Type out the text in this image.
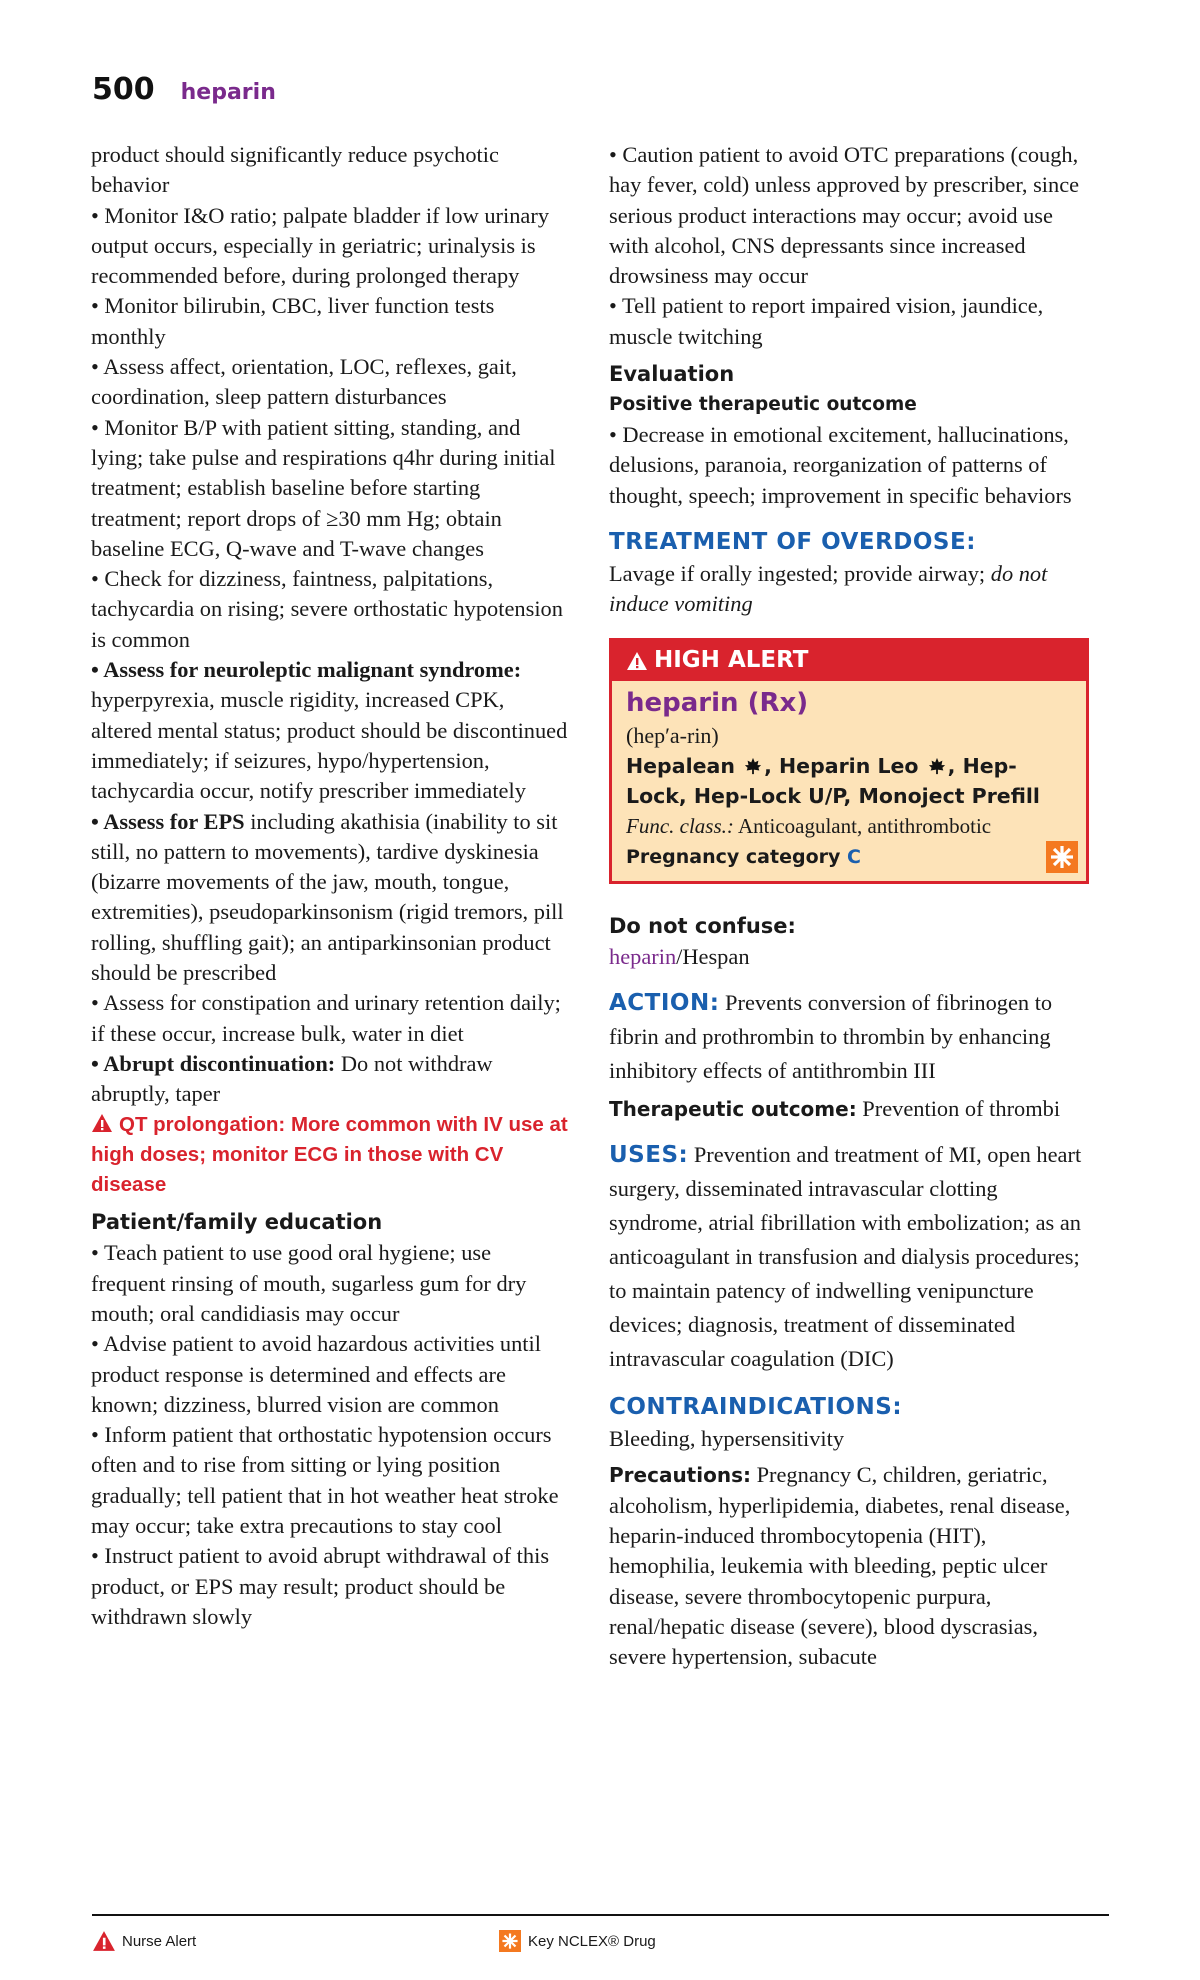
500 heparin

product should significantly reduce psychotic behavior

• Monitor I&O ratio; palpate bladder if low urinary output occurs, especially in geriatric; urinalysis is recommended before, during prolonged therapy

• Monitor bilirubin, CBC, liver function tests monthly

• Assess affect, orientation, LOC, reflexes, gait, coordination, sleep pattern disturbances

• Monitor B/P with patient sitting, standing, and lying; take pulse and respirations q4hr during initial treatment; establish baseline before starting treatment; report drops of ≥30 mm Hg; obtain baseline ECG, Q-wave and T-wave changes

• Check for dizziness, faintness, palpitations, tachycardia on rising; severe orthostatic hypotension is common

• Assess for neuroleptic malignant syndrome: hyperpyrexia, muscle rigidity, increased CPK, altered mental status; product should be discontinued immediately; if seizures, hypo/hypertension, tachycardia occur, notify prescriber immediately

• Assess for EPS including akathisia (inability to sit still, no pattern to movements), tardive dyskinesia (bizarre movements of the jaw, mouth, tongue, extremities), pseudoparkinsonism (rigid tremors, pill rolling, shuffling gait); an antiparkinsonian product should be prescribed

• Assess for constipation and urinary retention daily; if these occur, increase bulk, water in diet

• Abrupt discontinuation: Do not withdraw abruptly, taper

QT prolongation: More common with IV use at high doses; monitor ECG in those with CV disease

Patient/family education

• Teach patient to use good oral hygiene; use frequent rinsing of mouth, sugarless gum for dry mouth; oral candidiasis may occur

• Advise patient to avoid hazardous activities until product response is determined and effects are known; dizziness, blurred vision are common

• Inform patient that orthostatic hypotension occurs often and to rise from sitting or lying position gradually; tell patient that in hot weather heat stroke may occur; take extra precautions to stay cool

• Instruct patient to avoid abrupt withdrawal of this product, or EPS may result; product should be withdrawn slowly

• Caution patient to avoid OTC preparations (cough, hay fever, cold) unless approved by prescriber, since serious product interactions may occur; avoid use with alcohol, CNS depressants since increased drowsiness may occur

• Tell patient to report impaired vision, jaundice, muscle twitching

Evaluation

Positive therapeutic outcome

• Decrease in emotional excitement, hallucinations, delusions, paranoia, reorganization of patterns of thought, speech; improvement in specific behaviors

TREATMENT OF OVERDOSE:

Lavage if orally ingested; provide airway; do not induce vomiting

HIGH ALERT
heparin (Rx)
(hep′a-rin)
Hepalean , Heparin Leo , Hep-Lock, Hep-Lock U/P, Monoject Prefill
Func. class.: Anticoagulant, antithrombotic
Pregnancy category C

Do not confuse:

heparin/Hespan

ACTION: Prevents conversion of fibrinogen to fibrin and prothrombin to thrombin by enhancing inhibitory effects of antithrombin III

Therapeutic outcome: Prevention of thrombi

USES: Prevention and treatment of MI, open heart surgery, disseminated intravascular clotting syndrome, atrial fibrillation with embolization; as an anticoagulant in transfusion and dialysis procedures; to maintain patency of indwelling venipuncture devices; diagnosis, treatment of disseminated intravascular coagulation (DIC)

CONTRAINDICATIONS:

Bleeding, hypersensitivity

Precautions: Pregnancy C, children, geriatric, alcoholism, hyperlipidemia, diabetes, renal disease, heparin-induced thrombocytopenia (HIT), hemophilia, leukemia with bleeding, peptic ulcer disease, severe thrombocytopenic purpura, renal/hepatic disease (severe), blood dyscrasias, severe hypertension, subacute

Nurse Alert	Key NCLEX® Drug
